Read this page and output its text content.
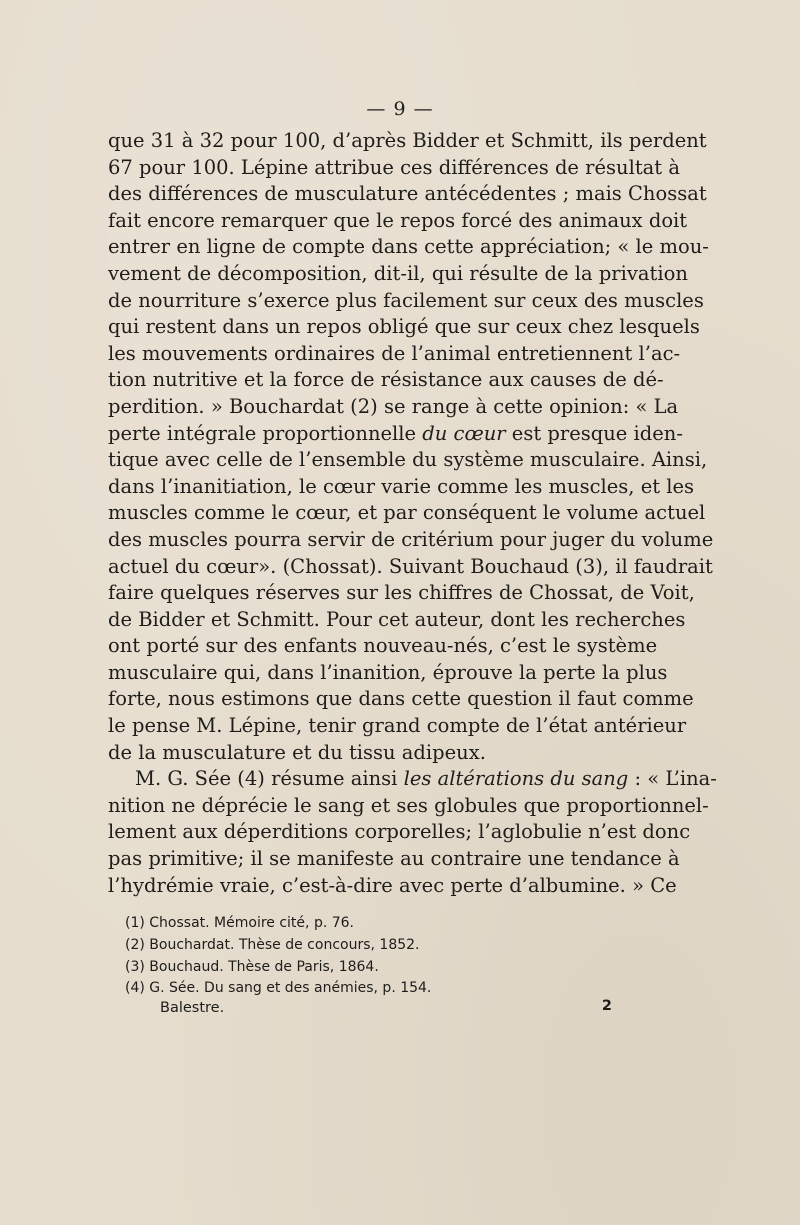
— 9 —
que 31 à 32 pour 100, d’après Bidder et Schmitt, ils perdent
67 pour 100. Lépine attribue ces différences de résultat à
des différences de musculature antécédentes ; mais Chossat
fait encore remarquer que le repos forcé des animaux doit
entrer en ligne de compte dans cette appréciation; « le mou-
vement de décomposition, dit-il, qui résulte de la privation
de nourriture s’exerce plus facilement sur ceux des muscles
qui restent dans un repos obligé que sur ceux chez lesquels
les mouvements ordinaires de l’animal entretiennent l’ac-
tion nutritive et la force de résistance aux causes de dé-
perdition. » Bouchardat (2) se range à cette opinion: « La
perte intégrale proportionnelle du cœur est presque iden-
tique avec celle de l’ensemble du système musculaire. Ainsi,
dans l’inanitiation, le cœur varie comme les muscles, et les
muscles comme le cœur, et par conséquent le volume actuel
des muscles pourra servir de critérium pour juger du volume
actuel du cœur». (Chossat). Suivant Bouchaud (3), il faudrait
faire quelques réserves sur les chiffres de Chossat, de Voit,
de Bidder et Schmitt. Pour cet auteur, dont les recherches
ont porté sur des enfants nouveau-nés, c’est le système
musculaire qui, dans l’inanition, éprouve la perte la plus
forte, nous estimons que dans cette question il faut comme
le pense M. Lépine, tenir grand compte de l’état antérieur
de la musculature et du tissu adipeux.
M. G. Sée (4) résume ainsi les altérations du sang : « L’ina-
nition ne déprécie le sang et ses globules que proportionnel-
lement aux déperditions corporelles; l’aglobulie n’est donc
pas primitive; il se manifeste au contraire une tendance à
l’hydrémie vraie, c’est-à-dire avec perte d’albumine. » Ce
(1) Chossat. Mémoire cité, p. 76.
(2) Bouchardat. Thèse de concours, 1852.
(3) Bouchaud. Thèse de Paris, 1864.
(4) G. Sée. Du sang et des anémies, p. 154.
Balestre.	2
